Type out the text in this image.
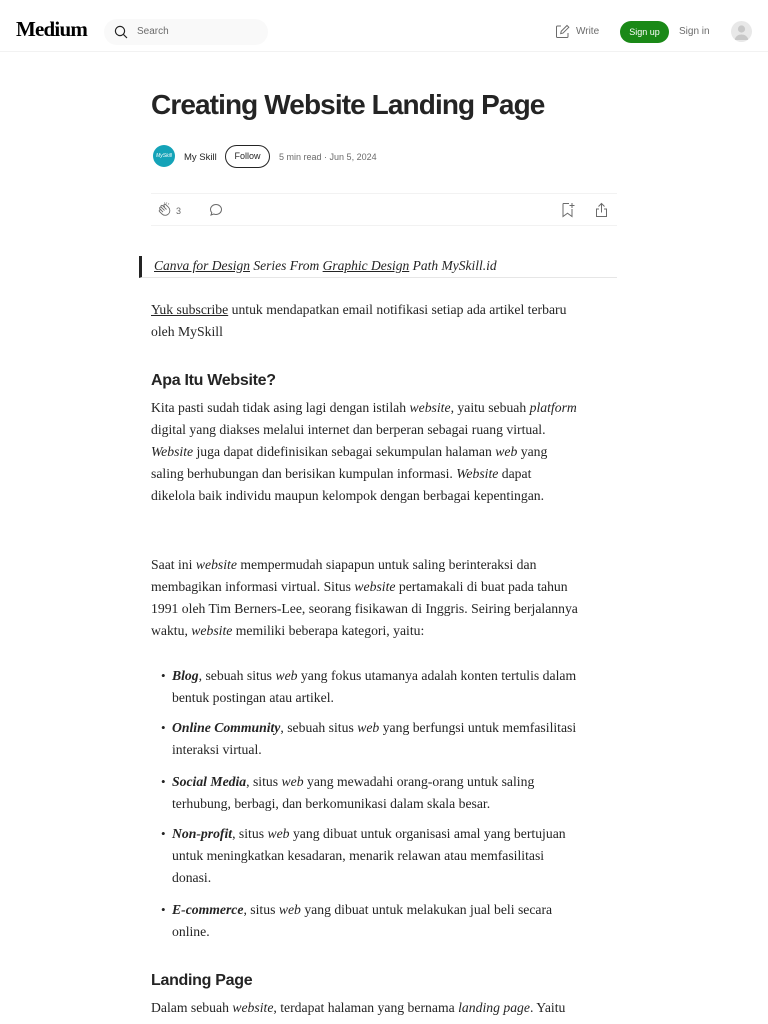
Medium	Search	Write	Sign up	Sign in
Creating Website Landing Page
MySkill	My Skill	Follow	5 min read · Jun 5, 2024
3
Canva for Design Series From Graphic Design Path MySkill.id
Yuk subscribe untuk mendapatkan email notifikasi setiap ada artikel terbaru
oleh MySkill
Apa Itu Website?
Kita pasti sudah tidak asing lagi dengan istilah website, yaitu sebuah platform
digital yang diakses melalui internet dan berperan sebagai ruang virtual.
Website juga dapat didefinisikan sebagai sekumpulan halaman web yang
saling berhubungan dan berisikan kumpulan informasi. Website dapat
dikelola baik individu maupun kelompok dengan berbagai kepentingan.
Saat ini website mempermudah siapapun untuk saling berinteraksi dan
membagikan informasi virtual. Situs website pertamakali di buat pada tahun
1991 oleh Tim Berners-Lee, seorang fisikawan di Inggris. Seiring berjalannya
waktu, website memiliki beberapa kategori, yaitu:
• Blog, sebuah situs web yang fokus utamanya adalah konten tertulis dalam
bentuk postingan atau artikel.
• Online Community, sebuah situs web yang berfungsi untuk memfasilitasi
interaksi virtual.
• Social Media, situs web yang mewadahi orang-orang untuk saling
terhubung, berbagi, dan berkomunikasi dalam skala besar.
• Non-profit, situs web yang dibuat untuk organisasi amal yang bertujuan
untuk meningkatkan kesadaran, menarik relawan atau memfasilitasi
donasi.
• E-commerce, situs web yang dibuat untuk melakukan jual beli secara
online.
Landing Page
Dalam sebuah website, terdapat halaman yang bernama landing page. Yaitu
